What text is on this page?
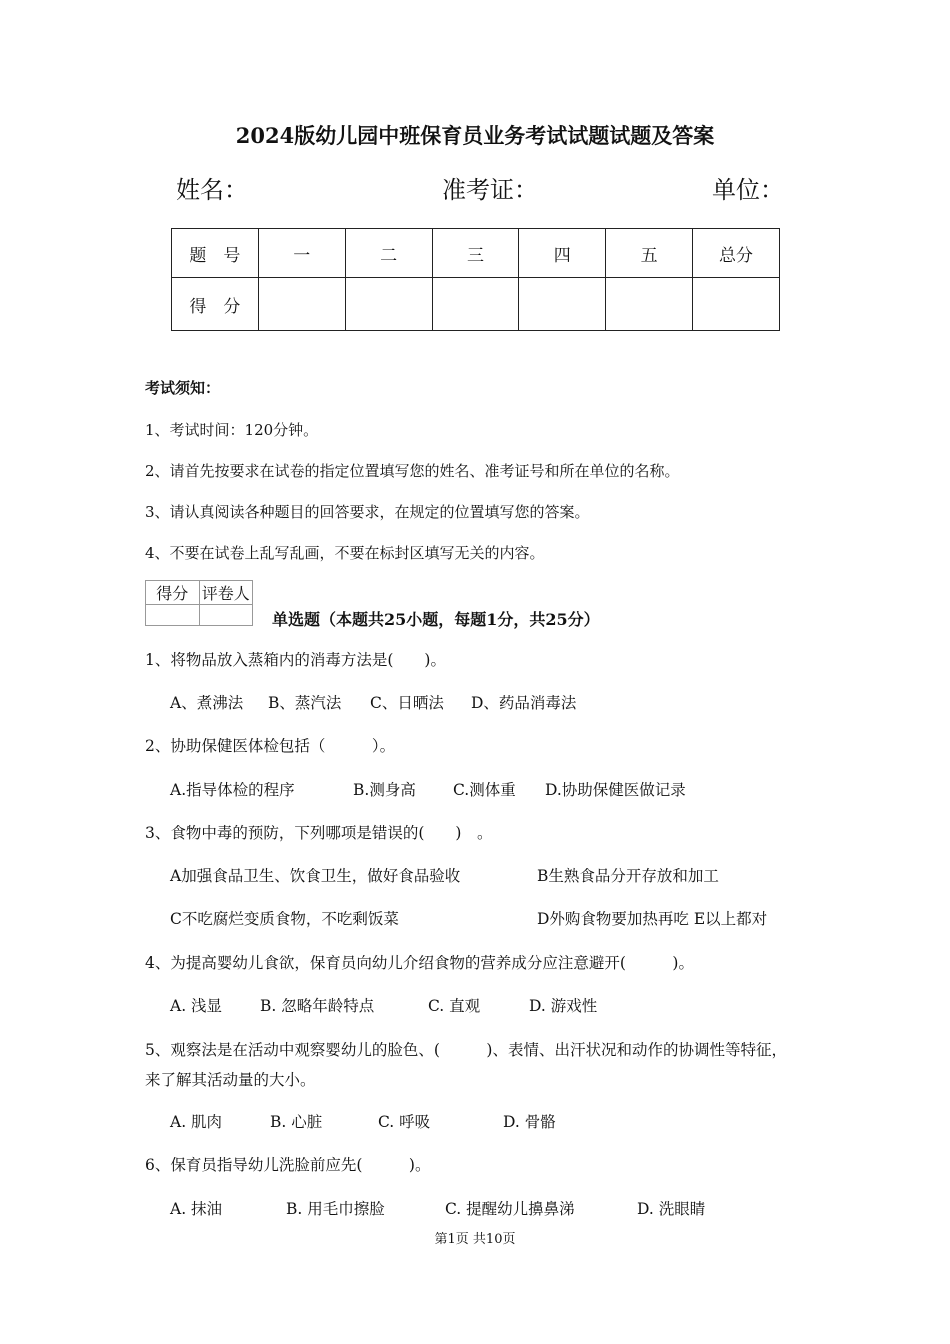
2024版幼儿园中班保育员业务考试试题试题及答案
姓名：	准考证：	单位：
题　号	一	二	三	四	五	总分
得　分						
考试须知：
1、考试时间：120分钟。
2、请首先按要求在试卷的指定位置填写您的姓名、准考证号和所在单位的名称。
3、请认真阅读各种题目的回答要求，在规定的位置填写您的答案。
4、不要在试卷上乱写乱画，不要在标封区填写无关的内容。
得分	评卷人

单选题（本题共25小题，每题1分，共25分）
1、将物品放入蒸箱内的消毒方法是(　　)。
A、煮沸法 B、蒸汽法 C、日晒法 D、药品消毒法
2、协助保健医体检包括（　　　）。
A.指导体检的程序	B.测身高 C.测体重 D.协助保健医做记录
3、食物中毒的预防，下列哪项是错误的(　　)　。
A加强食品卫生、饮食卫生，做好食品验收	B生熟食品分开存放和加工
C不吃腐烂变质食物，不吃剩饭菜	D外购食物要加热再吃 E以上都对
4、为提高婴幼儿食欲，保育员向幼儿介绍食物的营养成分应注意避开(　　　)。
A. 浅显 B. 忽略年龄特点	C. 直观	D. 游戏性
5、观察法是在活动中观察婴幼儿的脸色、(　　　)、表情、出汗状况和动作的协调性等特征，
来了解其活动量的大小。
A. 肌肉	B. 心脏	C. 呼吸	D. 骨骼
6、保育员指导幼儿洗脸前应先(　　　)。
A. 抹油	B. 用毛巾擦脸	C. 提醒幼儿擤鼻涕	D. 洗眼睛
第1页 共10页
